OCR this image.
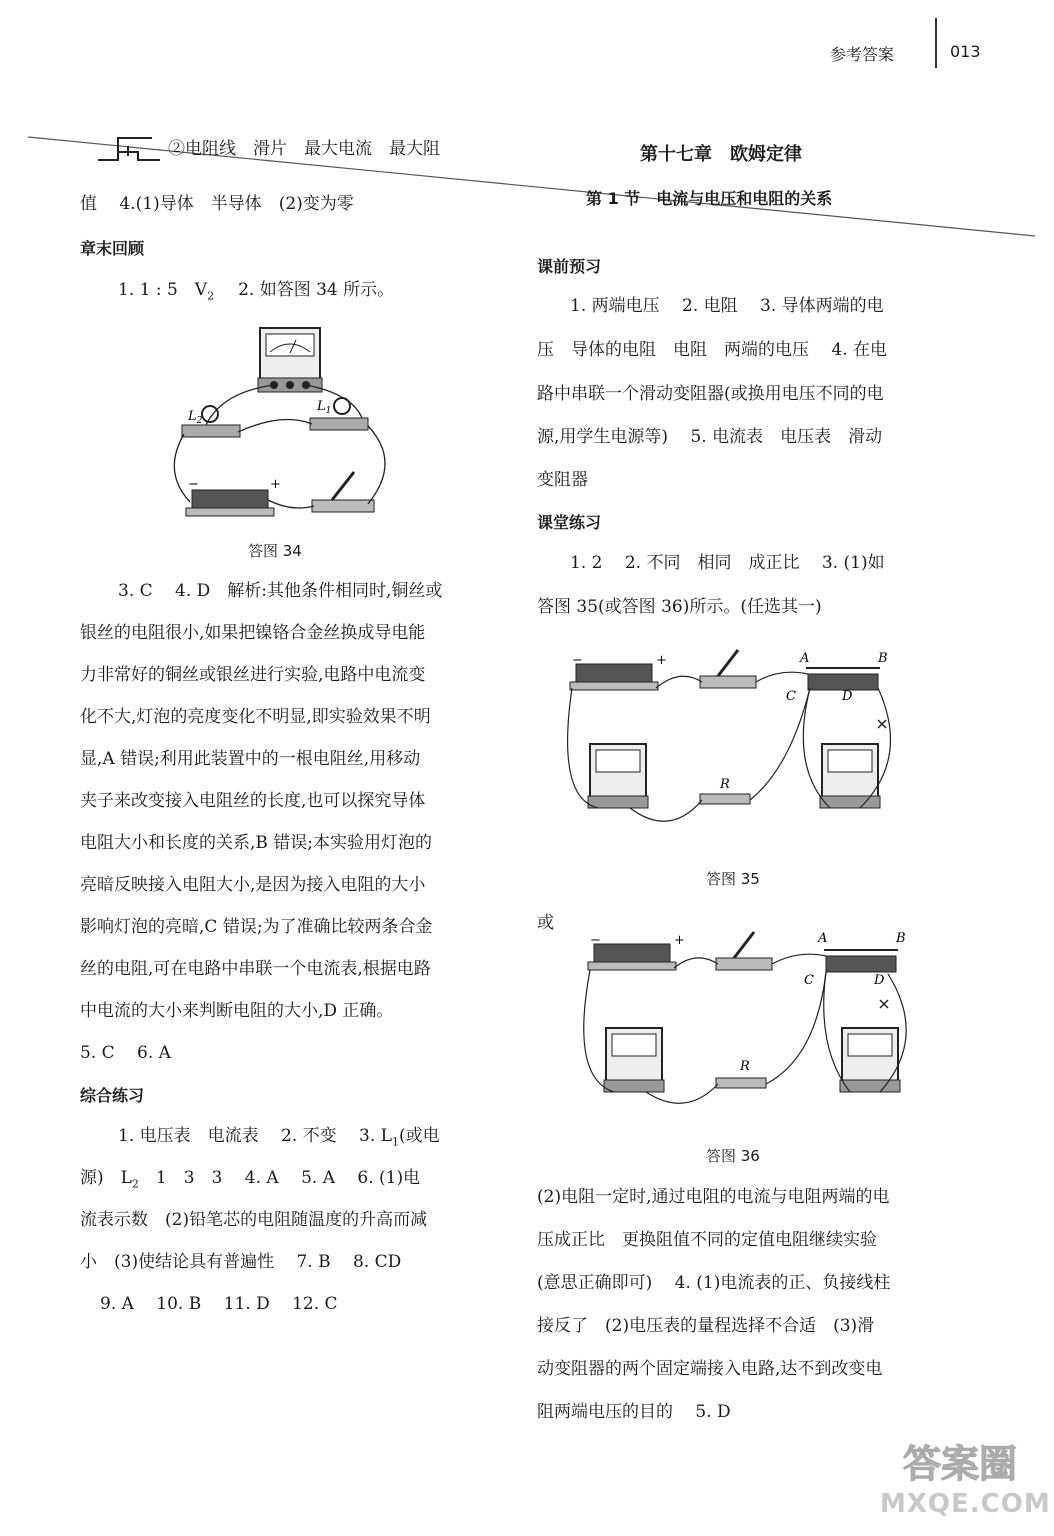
参考答案	013
②电阻线　滑片　最大电流　最大阻
值　 4.(1)导体　半导体　(2)变为零
章末回顾
1. 1 : 5　$V_2$ 2. 如答图 34 所示。
$L_2$
$L_1$
−	+
答图 34
3. C　 4. D　解析:其他条件相同时,铜丝或
银丝的电阻很小,如果把镍铬合金丝换成导电能
力非常好的铜丝或银丝进行实验,电路中电流变
化不大,灯泡的亮度变化不明显,即实验效果不明
显,A 错误;利用此装置中的一根电阻丝,用移动
夹子来改变接入电阻丝的长度,也可以探究导体
电阻大小和长度的关系,B 错误;本实验用灯泡的
亮暗反映接入电阻大小,是因为接入电阻的大小
影响灯泡的亮暗,C 错误;为了准确比较两条合金
丝的电阻,可在电路中串联一个电流表,根据电路
中电流的大小来判断电阻的大小,D 正确。
5. C　 6. A
综合练习
1. 电压表　电流表　 2. 不变　 3. $L_1$(或电
源)　$L_2$　1　3　3　 4. A　 5. A　 6. (1)电
流表示数　(2)铅笔芯的电阻随温度的升高而减
小　(3)使结论具有普遍性　 7. B　 8. CD
9. A　 10. B　 11. D　 12. C
第十七章　欧姆定律
第 1 节　电流与电压和电阻的关系
课前预习
1. 两端电压　 2. 电阻　 3. 导体两端的电
压　导体的电阻　电阻　两端的电压　 4. 在电
路中串联一个滑动变阻器(或换用电压不同的电
源,用学生电源等)　 5. 电流表　电压表　滑动
变阻器
课堂练习
1. 2　 2. 不同　相同　成正比　 3. (1)如
答图 35(或答图 36)所示。(任选其一)
−	+	A	B
C	D
R
答图 35
或
−	+	A	B
C	D
R
答图 36
(2)电阻一定时,通过电阻的电流与电阻两端的电
压成正比　更换阻值不同的定值电阻继续实验
(意思正确即可)　 4. (1)电流表的正、负接线柱
接反了　(2)电压表的量程选择不合适　(3)滑
动变阻器的两个固定端接入电路,达不到改变电
阻两端电压的目的　 5. D
答案圈
MXQE.COM
